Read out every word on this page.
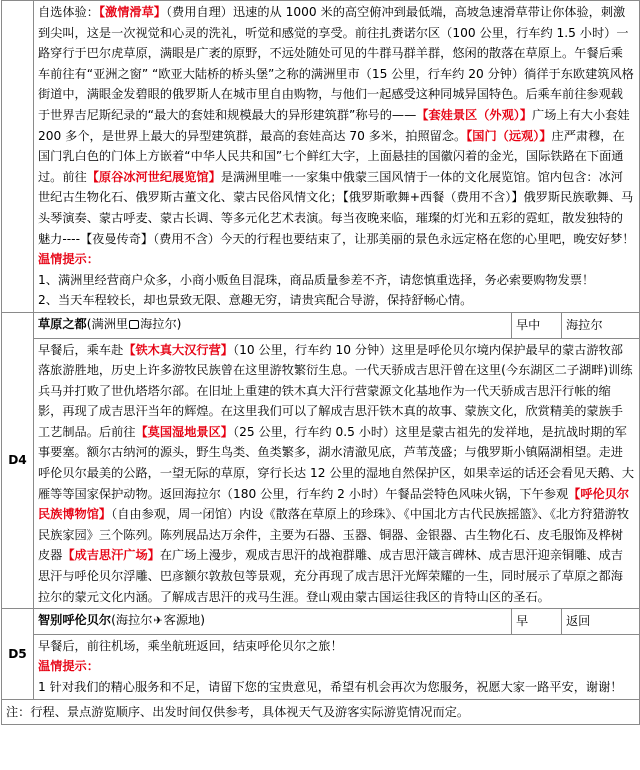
	自选体验：【激情滑草】（费用自理）迅速的从 1000 米的高空俯冲到最低端，高坡急速滑草带让你体验，刺激到尖叫，这是一次视觉和心灵的洗礼，听觉和感觉的享受。前往扎赉诺尔区（100 公里，行车约 1.5 小时）一路穿行于巴尔虎草原，满眼是广袤的原野，不远处随处可见的牛群马群羊群，悠闲的散落在草原上。午餐后乘车前往有“亚洲之窗” “欧亚大陆桥的桥头堡”之称的满洲里市（15 公里，行车约 20 分钟）徜徉于东欧建筑风格街道中，满眼金发碧眼的俄罗斯人在城市里自由购物，与他们一起感受这种同城异国特色。后乘车前往参观载于世界吉尼斯纪录的“最大的套娃和规模最大的异形建筑群”称号的——【套娃景区（外观）】广场上有大小套娃 200 多个，是世界上最大的异型建筑群，最高的套娃高达 70 多米，拍照留念。【国门（远观）】庄严肃穆，在国门乳白色的门体上方嵌着“中华人民共和国”七个鲜红大字，上面悬挂的国徽闪着的金光，国际铁路在下面通过。前往【原谷冰河世纪展览馆】是满洲里唯一一家集中俄蒙三国风情于一体的文化展览馆。馆内包含：冰河世纪古生物化石、俄罗斯古董文化、蒙古民俗风情文化；【俄罗斯歌舞+西餐（费用不含）】俄罗斯民族歌舞、马头琴演奏、蒙古呼麦、蒙古长调、等多元化艺术表演。每当夜晚来临，璀璨的灯光和五彩的霓虹，散发独特的魅力----【夜曼传奇】（费用不含）今天的行程也要结束了，让那美丽的景色永远定格在您的心里吧，晚安好梦！
温情提示：
1、满洲里经营商户众多，小商小贩鱼目混珠，商品质量参差不齐，请您慎重选择，务必索要购物发票！
2、当天车程较长，却也景致无限、意趣无穷，请贵宾配合导游，保持舒畅心情。		
D4	草原之都(满洲里 海拉尔)	早中	海拉尔
	早餐后，乘车赴【铁木真大汉行营】（10 公里，行车约 10 分钟）这里是呼伦贝尔境内保护最早的蒙古游牧部落旅游胜地，历史上许多游牧民族曾在这里游牧繁衍生息。一代天骄成吉思汗曾在这里(今东湖区二子湖畔)训练兵马并打败了世仇塔塔尔部。在旧址上重建的铁木真大汗行营蒙源文化基地作为一代天骄成吉思汗行帐的缩影，再现了成吉思汗当年的辉煌。在这里我们可以了解成吉思汗铁木真的故事、蒙族文化，欣赏精美的蒙族手工艺制品。后前往【莫国湿地景区】（25 公里，行车约 0.5 小时）这里是蒙古祖先的发祥地，是抗战时期的军事要塞。额尔古纳河的源头，野生鸟类、鱼类繁多，湖水清澈见底，芦苇茂盛；与俄罗斯小镇隔湖相望。走进呼伦贝尔最美的公路，一望无际的草原，穿行长达 12 公里的湿地自然保护区，如果幸运的话还会看见天鹅、大雁等等国家保护动物。返回海拉尔（180 公里，行车约 2 小时）午餐品尝特色风味火锅，下午参观【呼伦贝尔民族博物馆】（自由参观，周一闭馆）内设《散落在草原上的珍珠》、《中国北方古代民族摇篮》、《北方狩猎游牧民族家园》三个陈列。陈列展品达万余件，主要为石器、玉器、铜器、金银器、古生物化石、皮毛服饰及桦树皮器【成吉思汗广场】在广场上漫步，观成吉思汗的战袍群雕、成吉思汗箴言碑林、成吉思汗迎亲铜雕、成吉思汗与呼伦贝尔浮雕、巴彦额尔敦敖包等景观，充分再现了成吉思汗光辉荣耀的一生，同时展示了草原之都海拉尔的蒙元文化内涵。了解成吉思汗的戎马生涯。登山观由蒙古国运往我区的肯特山区的圣石。		
D5	智别呼伦贝尔(海拉尔✈客源地)	早	返回
	早餐后，前往机场，乘坐航班返回，结束呼伦贝尔之旅！
温情提示：
1 针对我们的精心服务和不足，请留下您的宝贵意见，希望有机会再次为您服务，祝愿大家一路平安，谢谢！		
注：行程、景点游览顺序、出发时间仅供参考，具体视天气及游客实际游览情况而定。			
